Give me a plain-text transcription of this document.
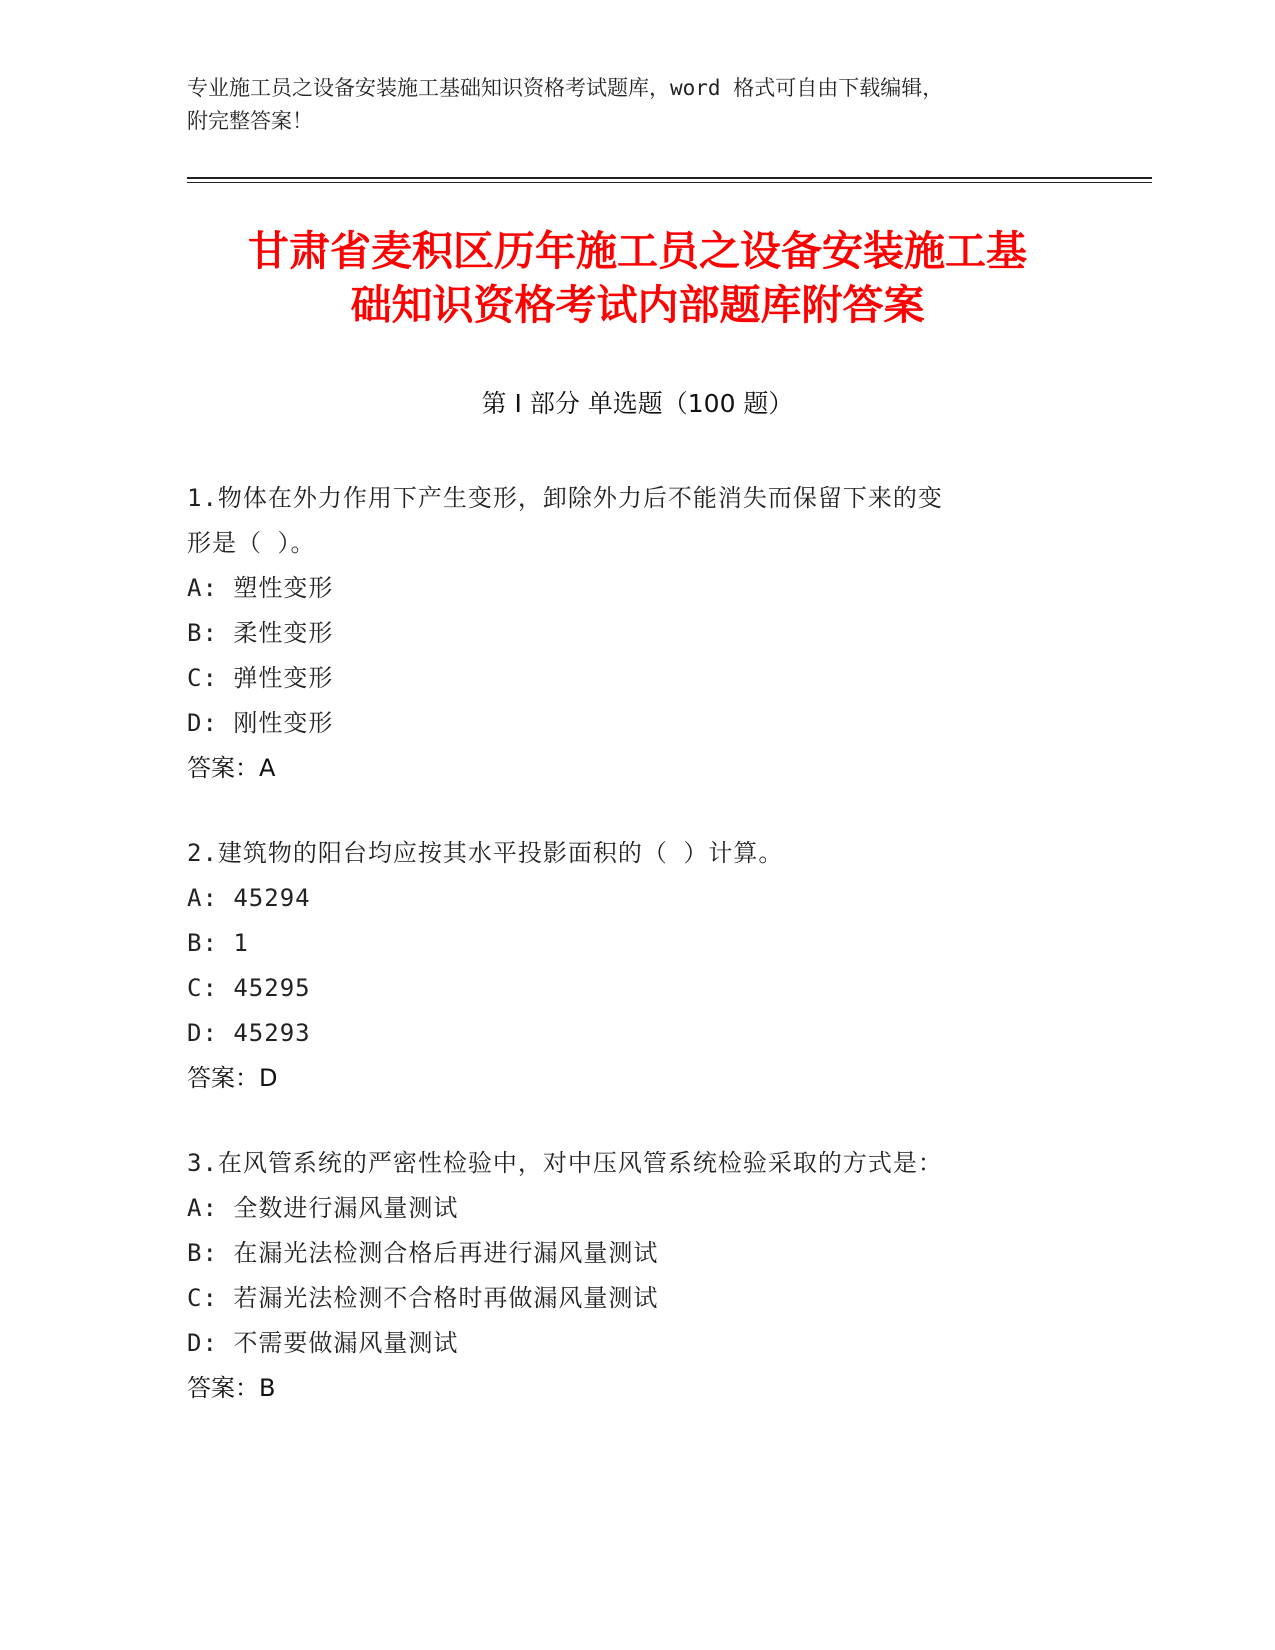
专业施工员之设备安装施工基础知识资格考试题库，word 格式可自由下载编辑，
附完整答案！
甘肃省麦积区历年施工员之设备安装施工基
础知识资格考试内部题库附答案
第 I 部分 单选题（100 题）
1.物体在外力作用下产生变形，卸除外力后不能消失而保留下来的变
形是（ ）。
A: 塑性变形
B: 柔性变形
C: 弹性变形
D: 刚性变形
答案：A
2.建筑物的阳台均应按其水平投影面积的（ ）计算。
A: 45294
B: 1
C: 45295
D: 45293
答案：D
3.在风管系统的严密性检验中，对中压风管系统检验采取的方式是：
A: 全数进行漏风量测试
B: 在漏光法检测合格后再进行漏风量测试
C: 若漏光法检测不合格时再做漏风量测试
D: 不需要做漏风量测试
答案：B
